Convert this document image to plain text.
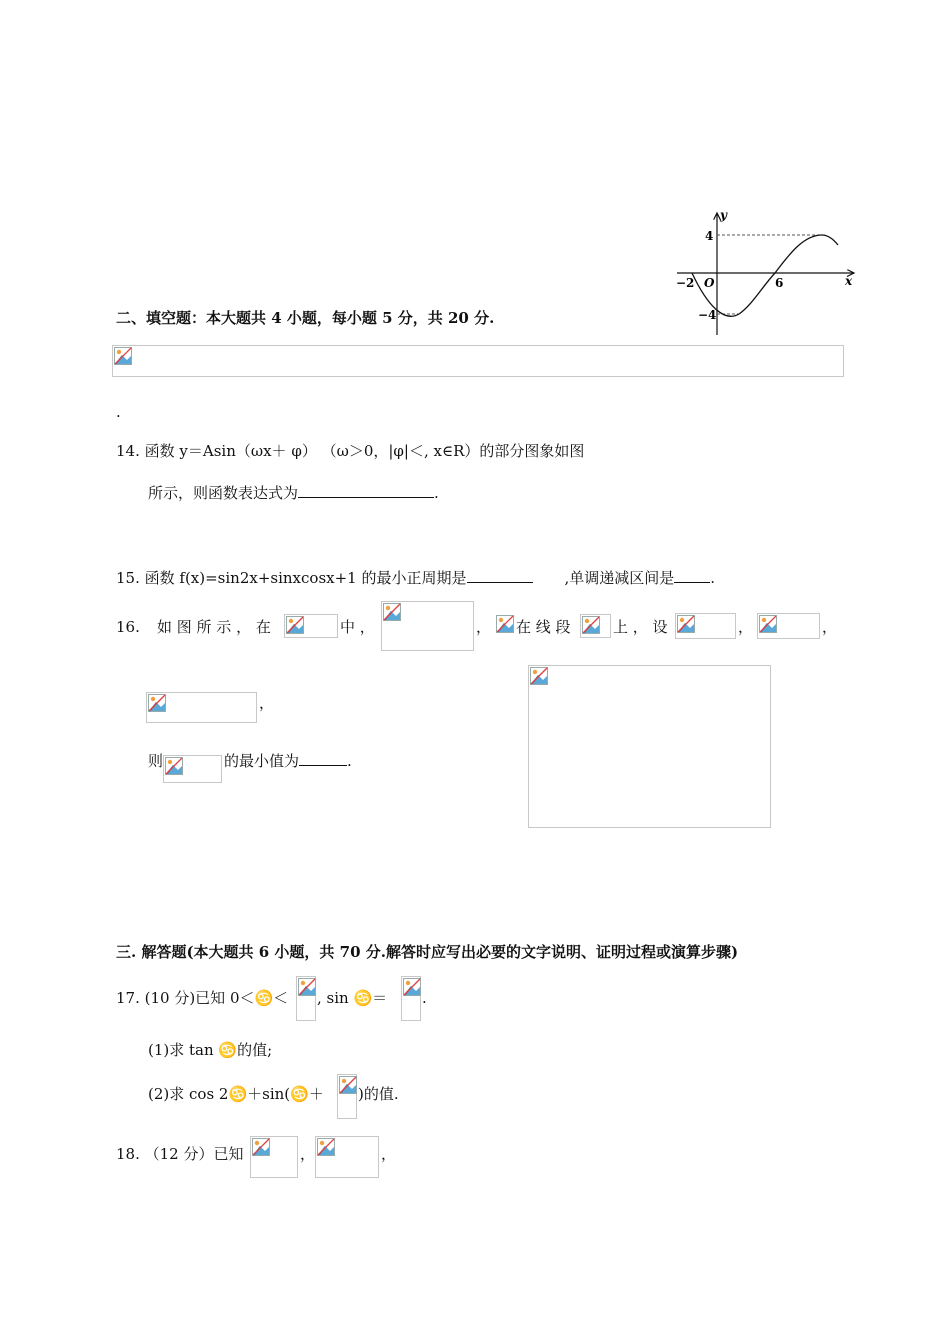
y
x
4
−4
−2 O	6
二、填空题：本大题共 4 小题，每小题 5 分，共 20 分.
.
14. 函数 y＝Asin（ωx＋ φ） （ω＞0，|φ|＜, x∈R）的部分图象如图
所示，则函数表达式为	.
15. 函数 f(x)=sin2x+sinxcosx+1 的最小正周期是	,单调递减区间是 .
16. 如 图 所 示 ， 在	中 ，	， 在 线 段	上 ， 设	，	，
，
则	的最小值为	.
三. 解答题(本大题共 6 小题，共 70 分.解答时应写出必要的文字说明、证明过程或演算步骤)
17. (10 分)已知 0＜♋＜ , sin ♋＝ .
(1)求 tan ♋的值;
(2)求 cos 2♋＋sin(♋＋ )的值.
18. （12 分）已知	，	，
